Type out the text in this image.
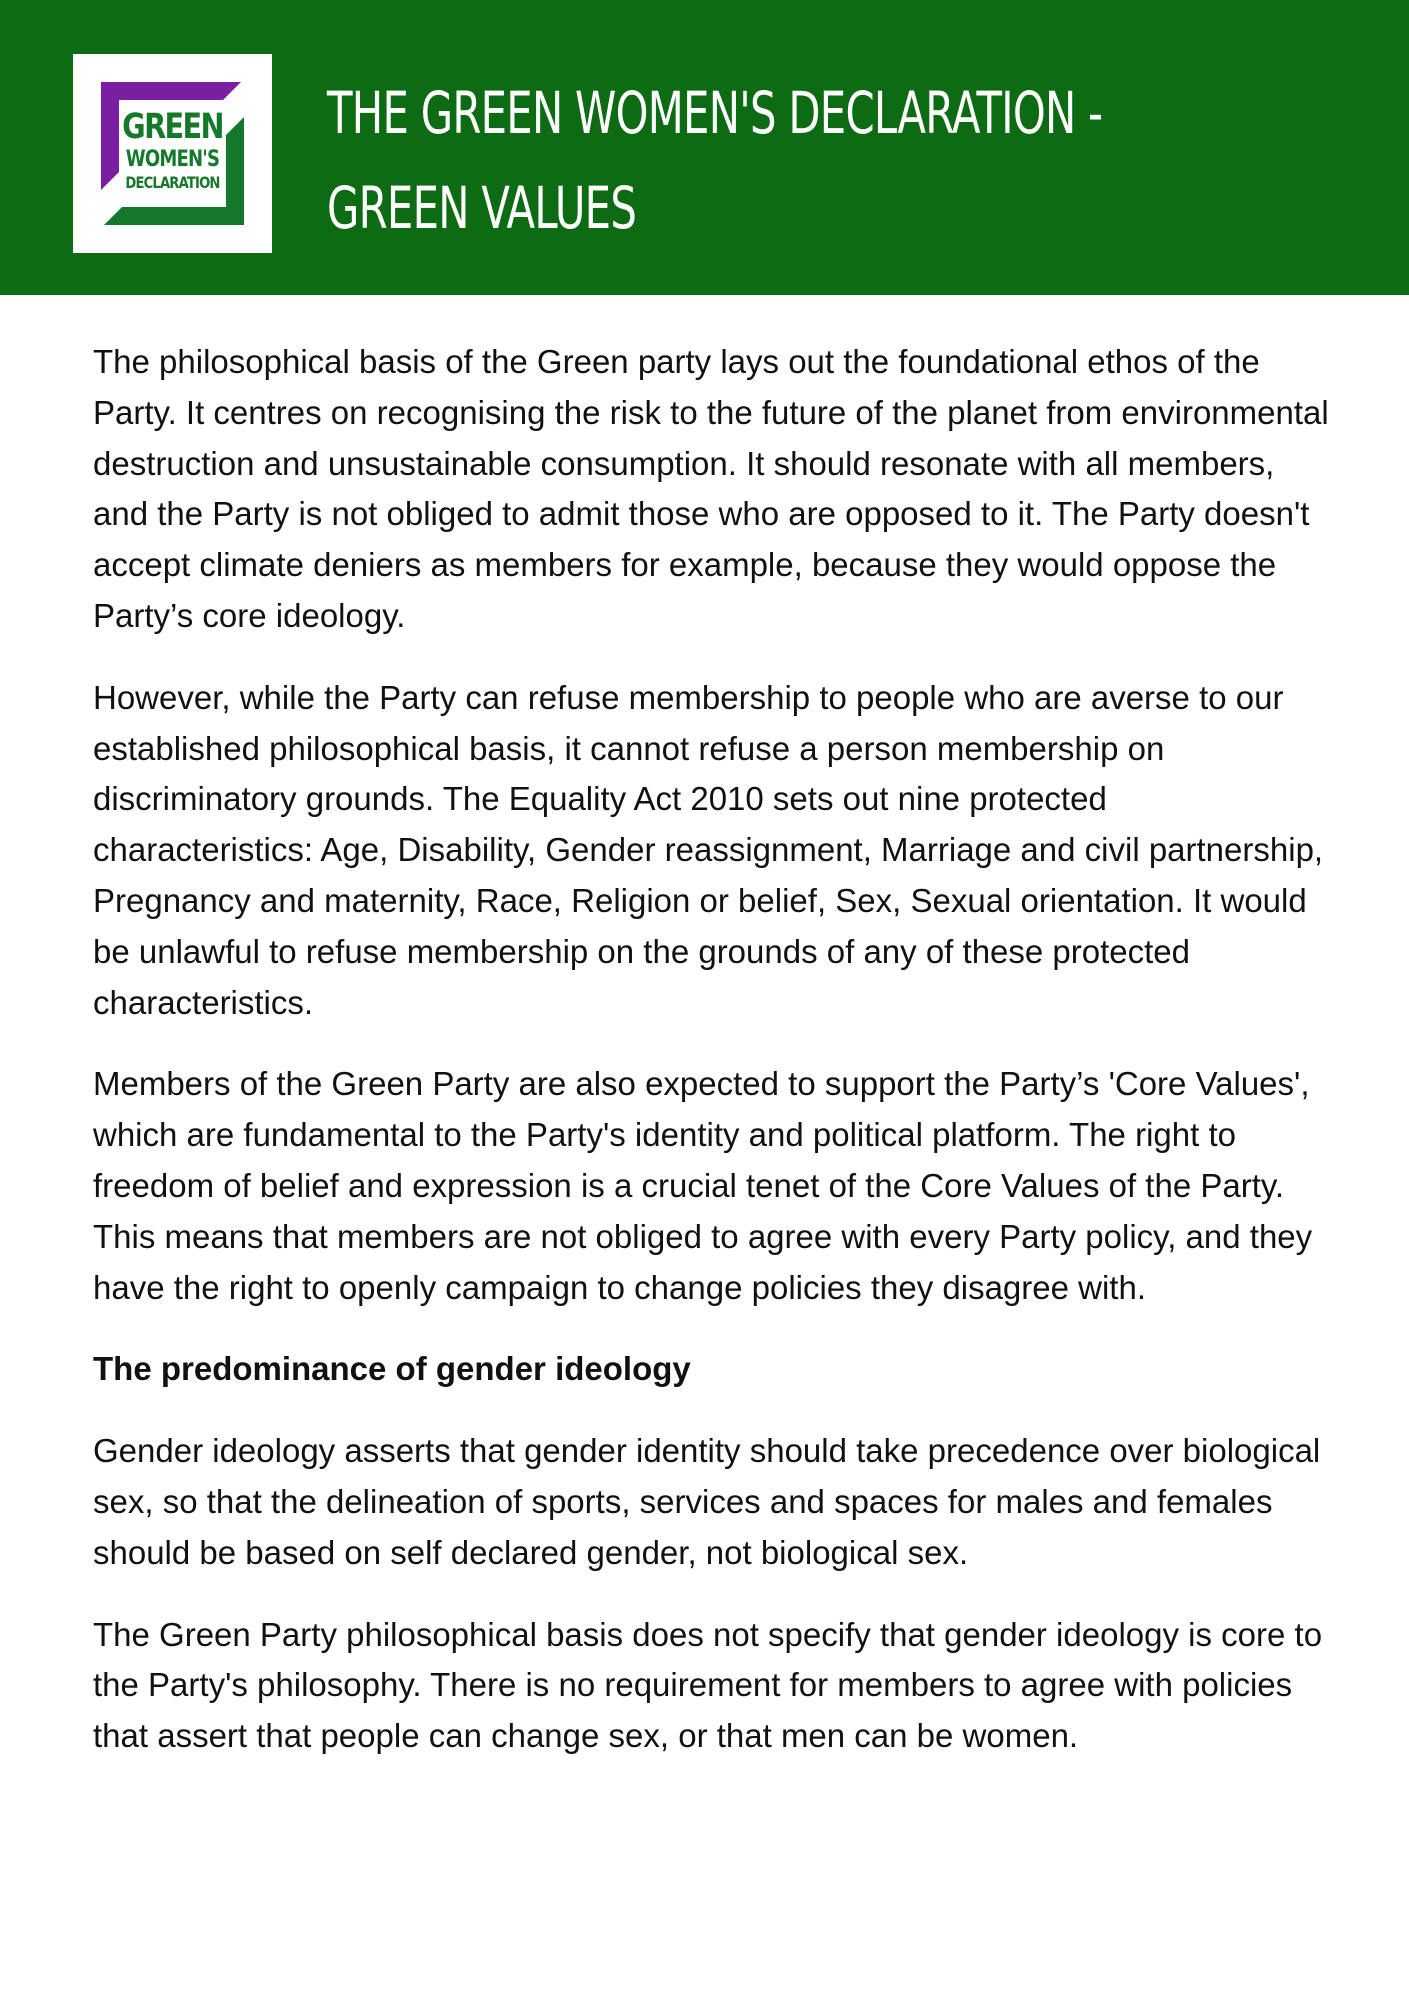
GREEN
WOMEN'S
DECLARATION
THE GREEN WOMEN'S DECLARATION -
GREEN VALUES

The philosophical basis of the Green party lays out the foundational ethos of the Party. It centres on recognising the risk to the future of the planet from environmental destruction and unsustainable consumption. It should resonate with all members, and the Party is not obliged to admit those who are opposed to it. The Party doesn't accept climate deniers as members for example, because they would oppose the Party’s core ideology.

However, while the Party can refuse membership to people who are averse to our established philosophical basis, it cannot refuse a person membership on discriminatory grounds. The Equality Act 2010 sets out nine protected characteristics: Age, Disability, Gender reassignment, Marriage and civil partnership, Pregnancy and maternity, Race, Religion or belief, Sex, Sexual orientation. It would be unlawful to refuse membership on the grounds of any of these protected characteristics.

Members of the Green Party are also expected to support the Party’s 'Core Values', which are fundamental to the Party's identity and political platform. The right to freedom of belief and expression is a crucial tenet of the Core Values of the Party. This means that members are not obliged to agree with every Party policy, and they have the right to openly campaign to change policies they disagree with.

The predominance of gender ideology

Gender ideology asserts that gender identity should take precedence over biological sex, so that the delineation of sports, services and spaces for males and females should be based on self declared gender, not biological sex.

The Green Party philosophical basis does not specify that gender ideology is core to the Party's philosophy. There is no requirement for members to agree with policies that assert that people can change sex, or that men can be women.
